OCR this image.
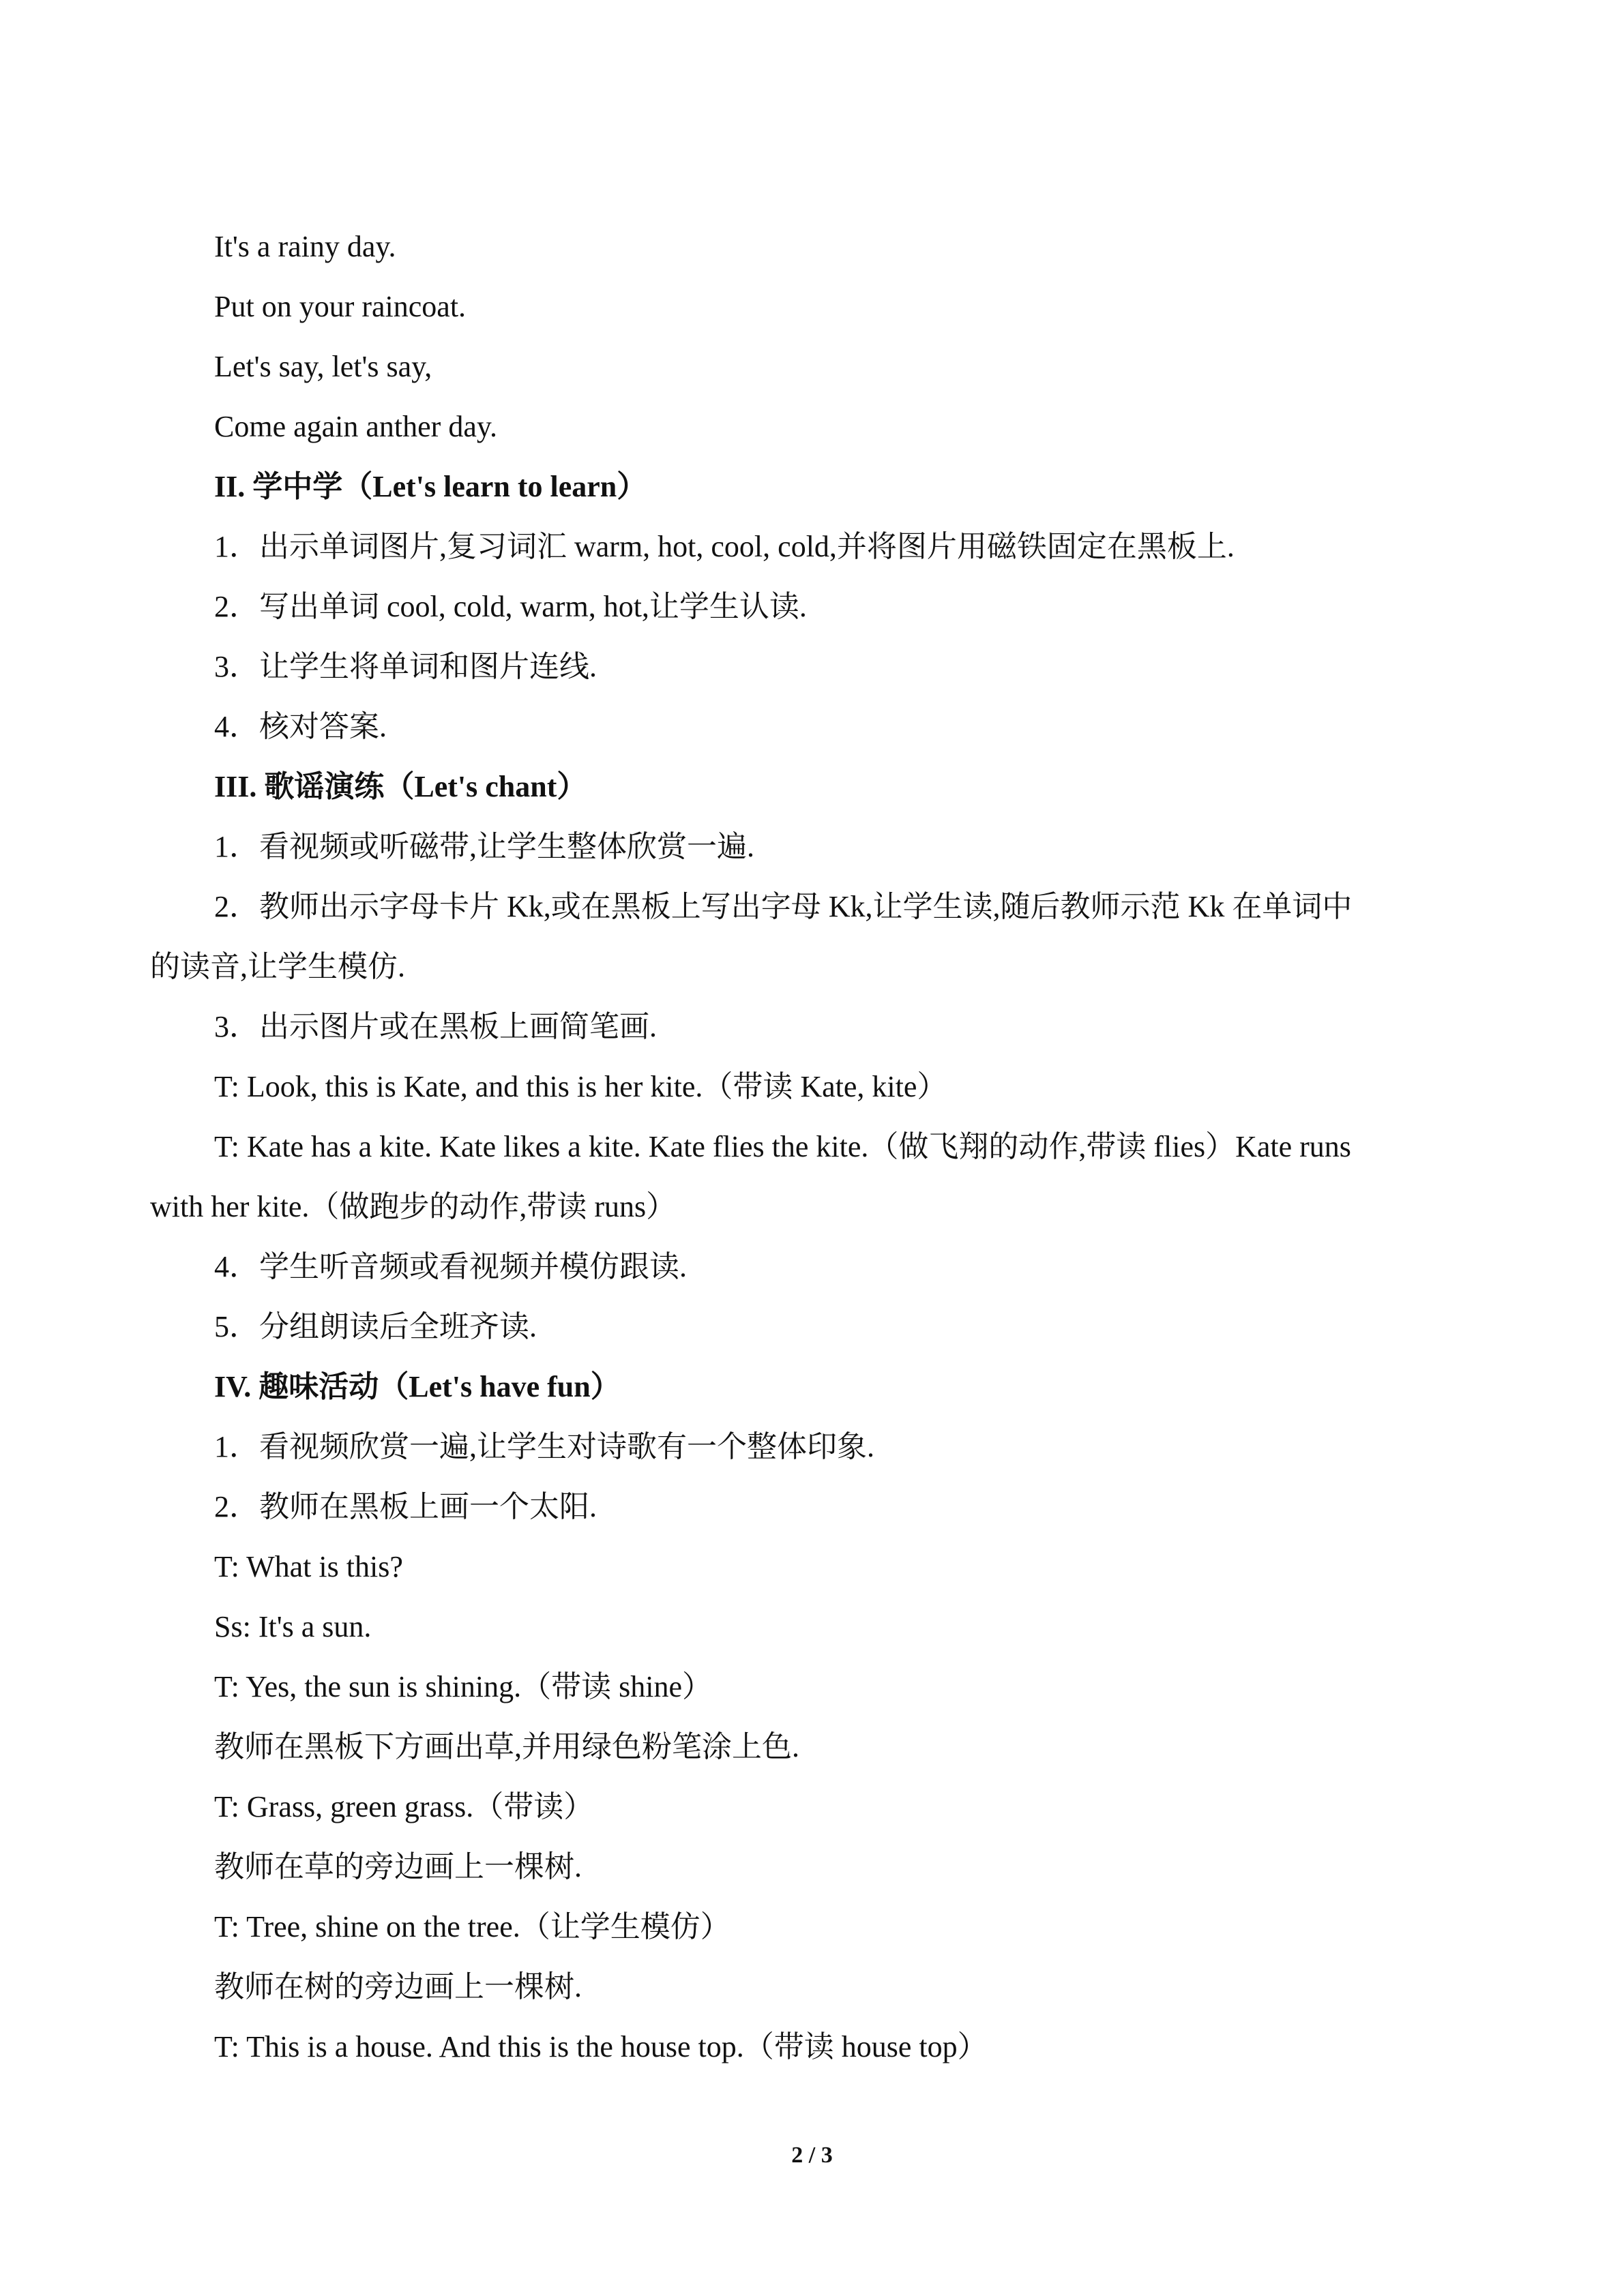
It's a rainy day.
Put on your raincoat.
Let's say, let's say,
Come again anther day.
II. 学中学（Let's learn to learn）
1．出示单词图片,复习词汇 warm, hot, cool, cold,并将图片用磁铁固定在黑板上.
2．写出单词 cool, cold, warm, hot,让学生认读.
3．让学生将单词和图片连线.
4．核对答案.
III. 歌谣演练（Let's chant）
1．看视频或听磁带,让学生整体欣赏一遍.
2．教师出示字母卡片 Kk,或在黑板上写出字母 Kk,让学生读,随后教师示范 Kk 在单词中
的读音,让学生模仿.
3．出示图片或在黑板上画简笔画.
T: Look, this is Kate, and this is her kite.（带读 Kate, kite）
T: Kate has a kite. Kate likes a kite. Kate flies the kite.（做飞翔的动作,带读 flies）Kate runs
with her kite.（做跑步的动作,带读 runs）
4．学生听音频或看视频并模仿跟读.
5．分组朗读后全班齐读.
IV. 趣味活动（Let's have fun）
1．看视频欣赏一遍,让学生对诗歌有一个整体印象.
2．教师在黑板上画一个太阳.
T: What is this?
Ss: It's a sun.
T: Yes, the sun is shining.（带读 shine）
教师在黑板下方画出草,并用绿色粉笔涂上色.
T: Grass, green grass.（带读）
教师在草的旁边画上一棵树.
T: Tree, shine on the tree.（让学生模仿）
教师在树的旁边画上一棵树.
T: This is a house. And this is the house top.（带读 house top）
2 / 3
